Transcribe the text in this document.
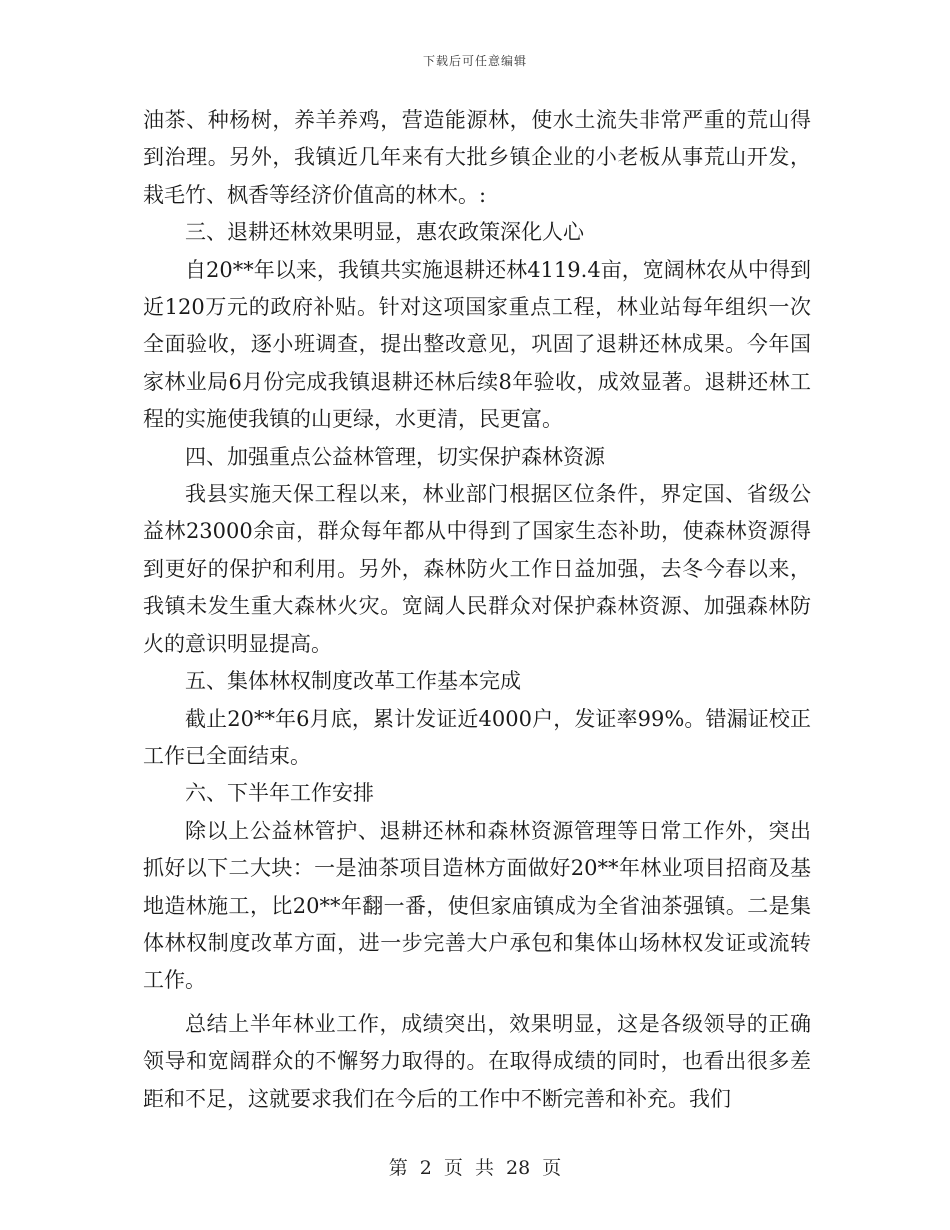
下载后可任意编辑

油茶、种杨树，养羊养鸡，营造能源林，使水土流失非常严重的荒山得到治理。另外，我镇近几年来有大批乡镇企业的小老板从事荒山开发，栽毛竹、枫香等经济价值高的林木。:

三、退耕还林效果明显，惠农政策深化人心

自20**年以来，我镇共实施退耕还林4119.4亩，宽阔林农从中得到近120万元的政府补贴。针对这项国家重点工程，林业站每年组织一次全面验收，逐小班调查，提出整改意见，巩固了退耕还林成果。今年国家林业局6月份完成我镇退耕还林后续8年验收，成效显著。退耕还林工程的实施使我镇的山更绿，水更清，民更富。

四、加强重点公益林管理，切实保护森林资源

我县实施天保工程以来，林业部门根据区位条件，界定国、省级公益林23000余亩，群众每年都从中得到了国家生态补助，使森林资源得到更好的保护和利用。另外，森林防火工作日益加强，去冬今春以来，我镇未发生重大森林火灾。宽阔人民群众对保护森林资源、加强森林防火的意识明显提高。

五、集体林权制度改革工作基本完成

截止20**年6月底，累计发证近4000户，发证率99%。错漏证校正工作已全面结束。

六、下半年工作安排

除以上公益林管护、退耕还林和森林资源管理等日常工作外，突出抓好以下二大块：一是油茶项目造林方面做好20**年林业项目招商及基地造林施工，比20**年翻一番，使但家庙镇成为全省油茶强镇。二是集体林权制度改革方面，进一步完善大户承包和集体山场林权发证或流转工作。

总结上半年林业工作，成绩突出，效果明显，这是各级领导的正确领导和宽阔群众的不懈努力取得的。在取得成绩的同时，也看出很多差距和不足，这就要求我们在今后的工作中不断完善和补充。我们

第 2 页 共 28 页
